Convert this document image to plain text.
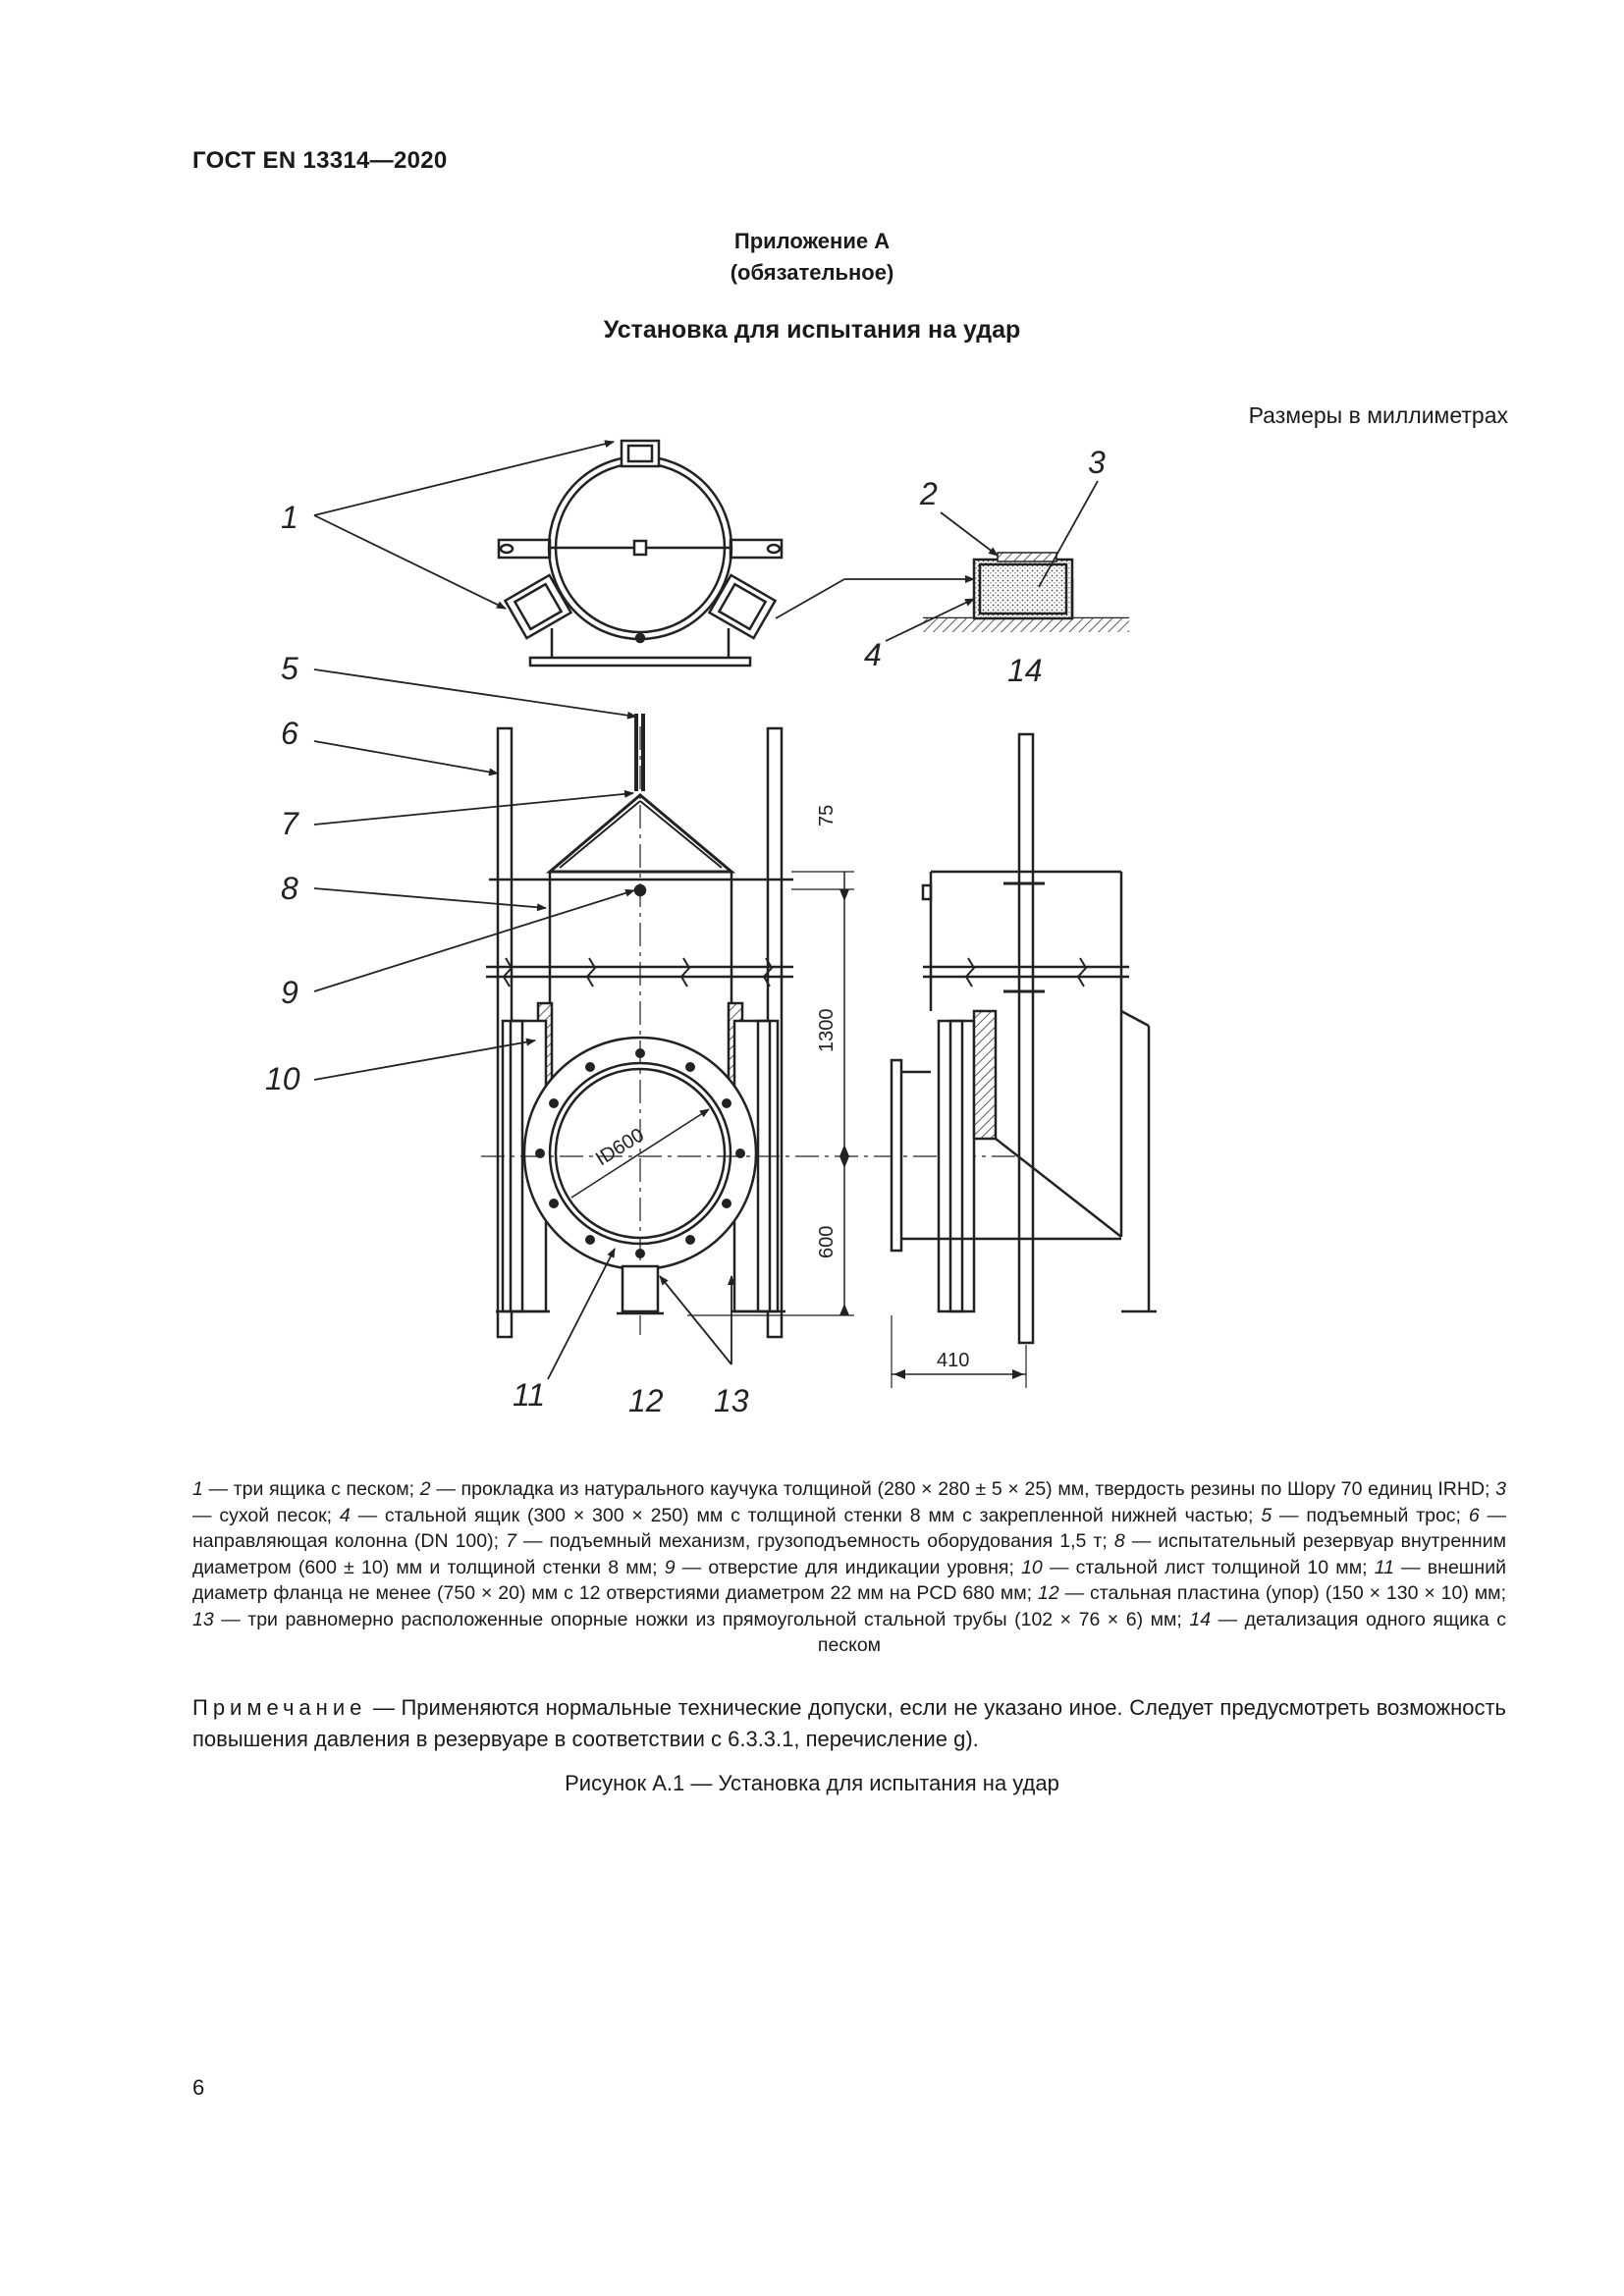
ГОСТ EN 13314—2020
Приложение А
(обязательное)
Установка для испытания на удар
Размеры в миллиметрах
1
2
3
4
5
6
7
8
9
10
11	12 13
14
75
1300
600
410
ID600
1 — три ящика с песком; 2 — прокладка из натурального каучука толщиной (280 × 280 ± 5 × 25) мм, твердость резины по Шору 70 единиц IRHD; 3 — сухой песок; 4 — стальной ящик (300 × 300 × 250) мм с толщиной стенки 8 мм с закрепленной нижней частью; 5 — подъемный трос; 6 — направляющая колонна (DN 100); 7 — подъемный механизм, грузоподъемность оборудования 1,5 т; 8 — испытательный резервуар внутренним диаметром (600 ± 10) мм и толщиной стенки 8 мм; 9 — отверстие для индикации уровня; 10 — стальной лист толщиной 10 мм; 11 — внешний диаметр фланца не менее (750 × 20) мм с 12 отверстиями диаметром 22 мм на PCD 680 мм; 12 — стальная пластина (упор) (150 × 130 × 10) мм; 13 — три равномерно расположенные опорные ножки из прямоугольной стальной трубы (102 × 76 × 6) мм; 14 — детализация одного ящика с песком
Примечание — Применяются нормальные технические допуски, если не указано иное. Следует предусмотреть возможность повышения давления в резервуаре в соответствии с 6.3.3.1, перечисление g).
Рисунок А.1 — Установка для испытания на удар
6
